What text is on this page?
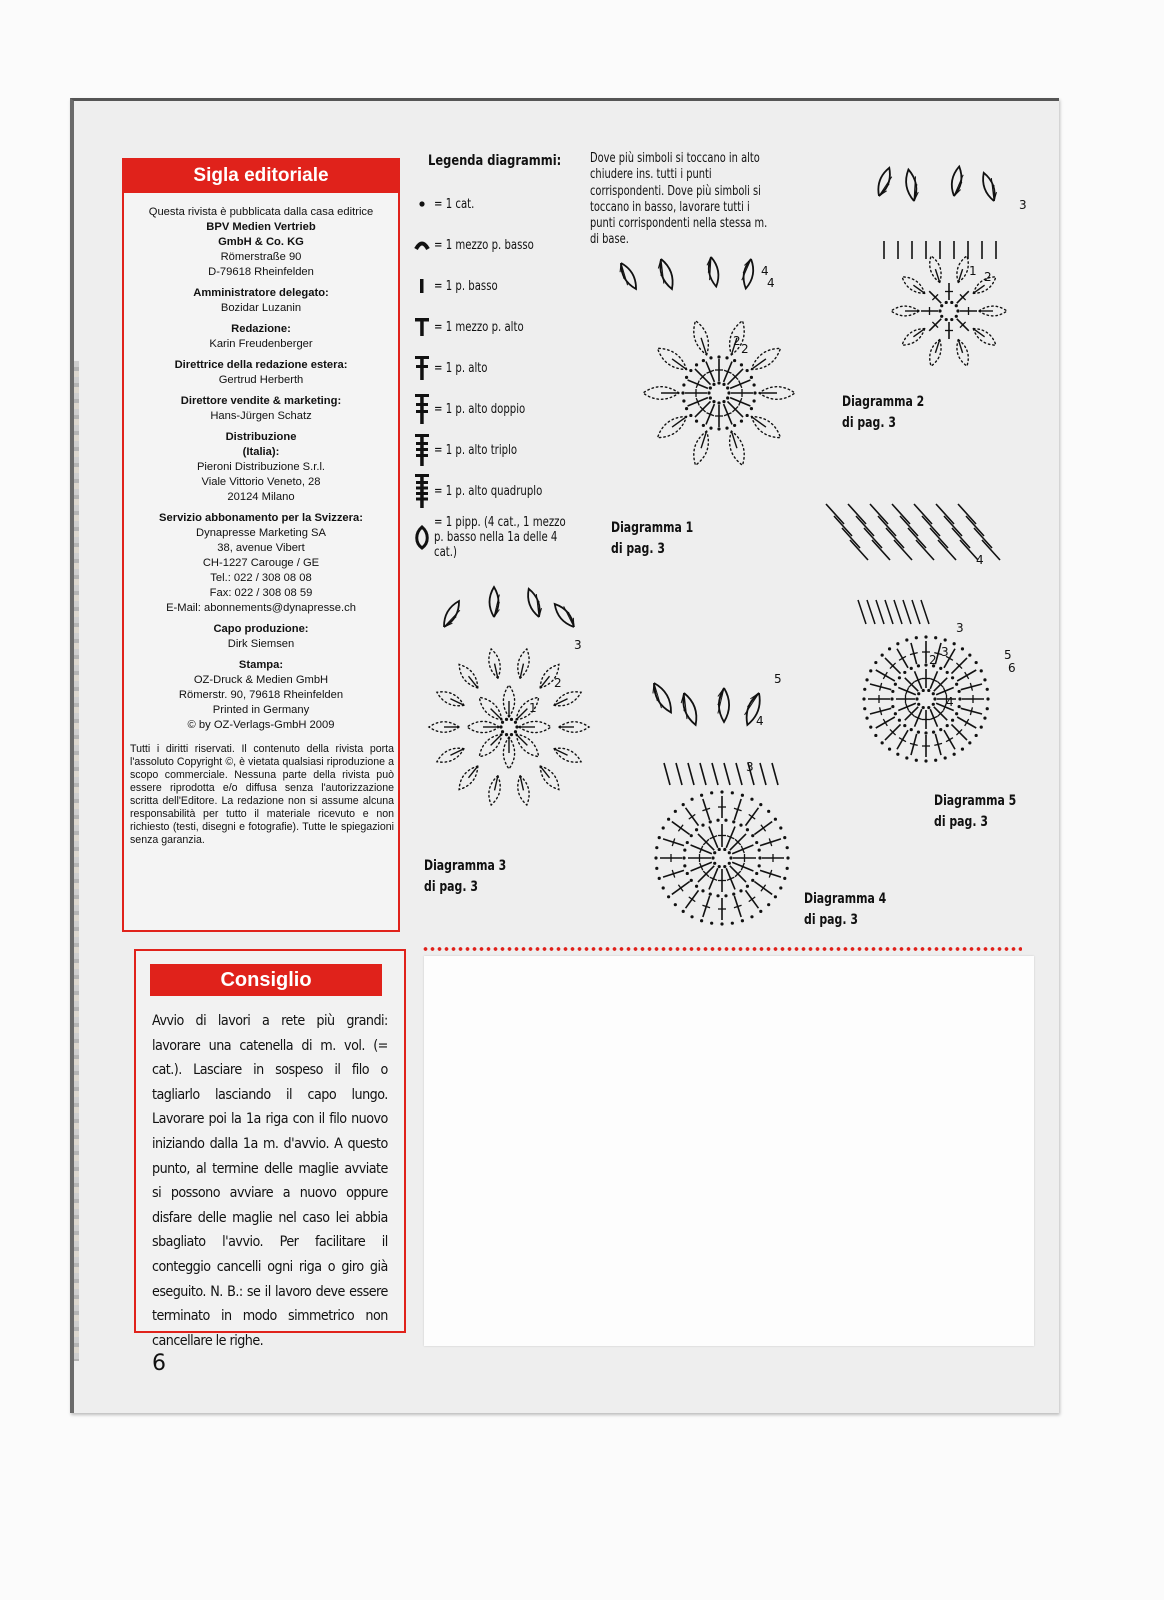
Sigla editoriale
Questa rivista è pubblicata dalla casa editrice
BPV Medien Vertrieb
GmbH & Co. KG
Römerstraße 90
D-79618 Rheinfelden
Amministratore delegato:
Bozidar Luzanin
Redazione:
Karin Freudenberger
Direttrice della redazione estera:
Gertrud Herberth
Direttore vendite & marketing:
Hans-Jürgen Schatz
Distribuzione
(Italia):
Pieroni Distribuzione S.r.l.
Viale Vittorio Veneto, 28
20124 Milano
Servizio abbonamento per la Svizzera:
Dynapresse Marketing SA
38, avenue Vibert
CH-1227 Carouge / GE
Tel.: 022 / 308 08 08
Fax: 022 / 308 08 59
E-Mail: abonnements@dynapresse.ch
Capo produzione:
Dirk Siemsen
Stampa:
OZ-Druck & Medien GmbH
Römerstr. 90, 79618 Rheinfelden
Printed in Germany
© by OZ-Verlags-GmbH 2009
Tutti i diritti riservati. Il contenuto della rivista porta l'assoluto Copyright ©, è vietata qualsiasi riproduzione a scopo commerciale. Nessuna parte della rivista può essere riprodotta e/o diffusa senza l'autorizzazione scritta dell'Editore. La redazione non si assume alcuna responsabilità per tutto il materiale ricevuto e non richiesto (testi, disegni e fotografie). Tutte le spiegazioni senza garanzia.
Consiglio
Avvio di lavori a rete più grandi: lavorare una catenella di m. vol. (= cat.). Lasciare in sospeso il filo o tagliarlo lasciando il capo lungo. Lavorare poi la 1a riga con il filo nuovo iniziando dalla 1a m. d'avvio. A questo punto, al termine delle maglie avviate si possono avviare a nuovo oppure disfare delle maglie nel caso lei abbia sbagliato l'avvio. Per facilitare il conteggio cancelli ogni riga o giro già eseguito. N. B.: se il lavoro deve essere terminato in modo simmetrico non cancellare le righe.
6
Legenda diagrammi:
= 1 cat.
= 1 mezzo p. basso
= 1 p. basso
= 1 mezzo p. alto
= 1 p. alto
= 1 p. alto doppio
= 1 p. alto triplo
= 1 p. alto quadruplo
= 1 pipp. (4 cat., 1 mezzo p. basso nella 1a delle 4 cat.)
Dove più simboli si toccano in alto chiudere ins. tutti i punti corrispondenti. Dove più simboli si toccano in basso, lavorare tutti i punti corrispondenti nella stessa m. di base.
2
2
4
4
Diagramma 1
di pag. 3
1 2
3
Diagramma 2
di pag. 3
1
2
3
Diagramma 3
di pag. 3
3
5
4
Diagramma 4
di pag. 3
2
3
3
4
4
5
6
Diagramma 5
di pag. 3
